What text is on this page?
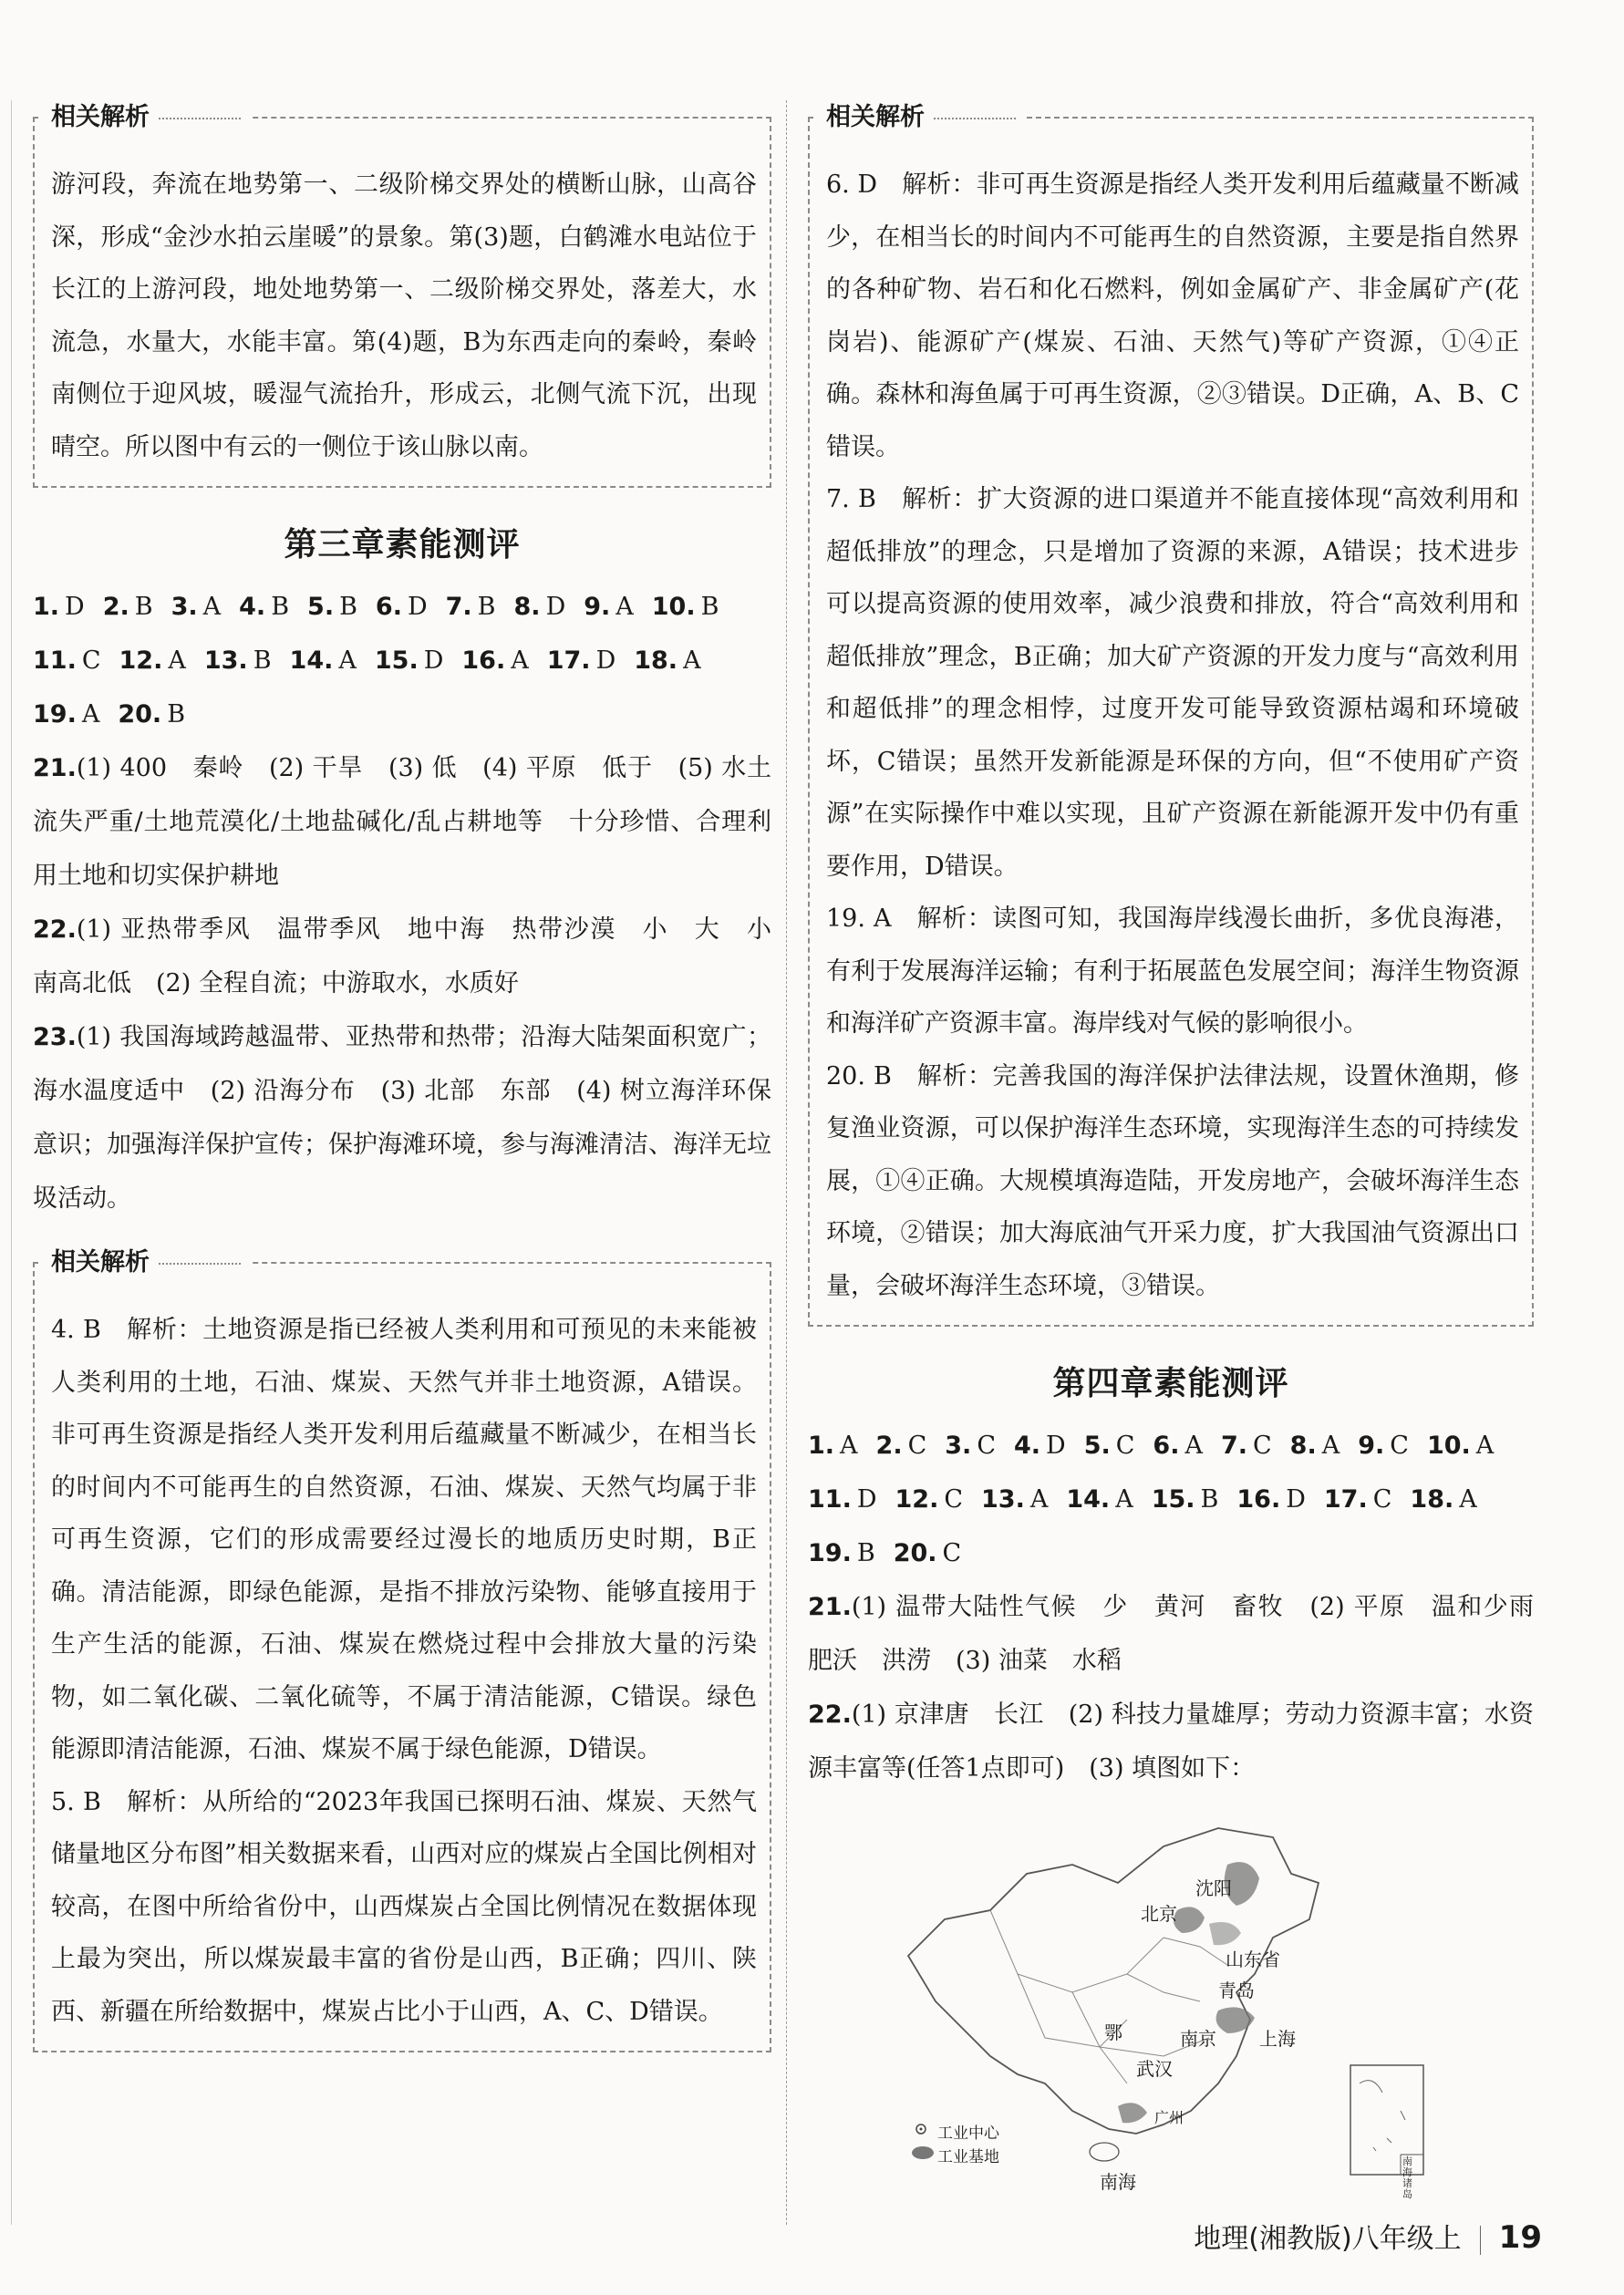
相关解析

游河段，奔流在地势第一、二级阶梯交界处的横断山脉，山高谷深，形成“金沙水拍云崖暖”的景象。第(3)题，白鹤滩水电站位于长江的上游河段，地处地势第一、二级阶梯交界处，落差大，水流急，水量大，水能丰富。第(4)题，B为东西走向的秦岭，秦岭南侧位于迎风坡，暖湿气流抬升，形成云，北侧气流下沉，出现晴空。所以图中有云的一侧位于该山脉以南。

第三章素能测评

1. D 2. B 3. A 4. B 5. B 6. D 7. B 8. D 9. A 10. B11. C 12. A 13. B 14. A 15. D 16. A 17. D 18. A19. A 20. B

21.(1) 400　秦岭　(2) 干旱　(3) 低　(4) 平原　低于　(5) 水土流失严重/土地荒漠化/土地盐碱化/乱占耕地等　十分珍惜、合理利用土地和切实保护耕地

22.(1) 亚热带季风　温带季风　地中海　热带沙漠　小　大　小　南高北低　(2) 全程自流；中游取水，水质好

23.(1) 我国海域跨越温带、亚热带和热带；沿海大陆架面积宽广；海水温度适中　(2) 沿海分布　(3) 北部　东部　(4) 树立海洋环保意识；加强海洋保护宣传；保护海滩环境，参与海滩清洁、海洋无垃圾活动。

相关解析

4. B　解析：土地资源是指已经被人类利用和可预见的未来能被人类利用的土地，石油、煤炭、天然气并非土地资源，A错误。非可再生资源是指经人类开发利用后蕴藏量不断减少，在相当长的时间内不可能再生的自然资源，石油、煤炭、天然气均属于非可再生资源，它们的形成需要经过漫长的地质历史时期，B正确。清洁能源，即绿色能源，是指不排放污染物、能够直接用于生产生活的能源，石油、煤炭在燃烧过程中会排放大量的污染物，如二氧化碳、二氧化硫等，不属于清洁能源，C错误。绿色能源即清洁能源，石油、煤炭不属于绿色能源，D错误。

5. B　解析：从所给的“2023年我国已探明石油、煤炭、天然气储量地区分布图”相关数据来看，山西对应的煤炭占全国比例相对较高，在图中所给省份中，山西煤炭占全国比例情况在数据体现上最为突出，所以煤炭最丰富的省份是山西，B正确；四川、陕西、新疆在所给数据中，煤炭占比小于山西，A、C、D错误。

相关解析

6. D　解析：非可再生资源是指经人类开发利用后蕴藏量不断减少，在相当长的时间内不可能再生的自然资源，主要是指自然界的各种矿物、岩石和化石燃料，例如金属矿产、非金属矿产(花岗岩)、能源矿产(煤炭、石油、天然气)等矿产资源，①④正确。森林和海鱼属于可再生资源，②③错误。D正确，A、B、C错误。

7. B　解析：扩大资源的进口渠道并不能直接体现“高效利用和超低排放”的理念，只是增加了资源的来源，A错误；技术进步可以提高资源的使用效率，减少浪费和排放，符合“高效利用和超低排放”理念，B正确；加大矿产资源的开发力度与“高效利用和超低排”的理念相悖，过度开发可能导致资源枯竭和环境破坏，C错误；虽然开发新能源是环保的方向，但“不使用矿产资源”在实际操作中难以实现，且矿产资源在新能源开发中仍有重要作用，D错误。

19. A　解析：读图可知，我国海岸线漫长曲折，多优良海港，有利于发展海洋运输；有利于拓展蓝色发展空间；海洋生物资源和海洋矿产资源丰富。海岸线对气候的影响很小。

20. B　解析：完善我国的海洋保护法律法规，设置休渔期，修复渔业资源，可以保护海洋生态环境，实现海洋生态的可持续发展，①④正确。大规模填海造陆，开发房地产，会破坏海洋生态环境，②错误；加大海底油气开采力度，扩大我国油气资源出口量，会破坏海洋生态环境，③错误。

第四章素能测评

1. A 2. C 3. C 4. D 5. C 6. A 7. C 8. A 9. C 10. A11. D 12. C 13. A 14. A 15. B 16. D 17. C 18. A19. B 20. C

21.(1) 温带大陆性气候　少　黄河　畜牧　(2) 平原　温和少雨　肥沃　洪涝　(3) 油菜　水稻

22.(1) 京津唐　长江　(2) 科技力量雄厚；劳动力资源丰富；水资源丰富等(任答1点即可)　(3) 填图如下：

沈阳
北京
山东省
青岛
鄂	南京 上海
武汉
广州
南海
南海诸岛
工业中心
工业基地
地理(湘教版)八年级上 19
